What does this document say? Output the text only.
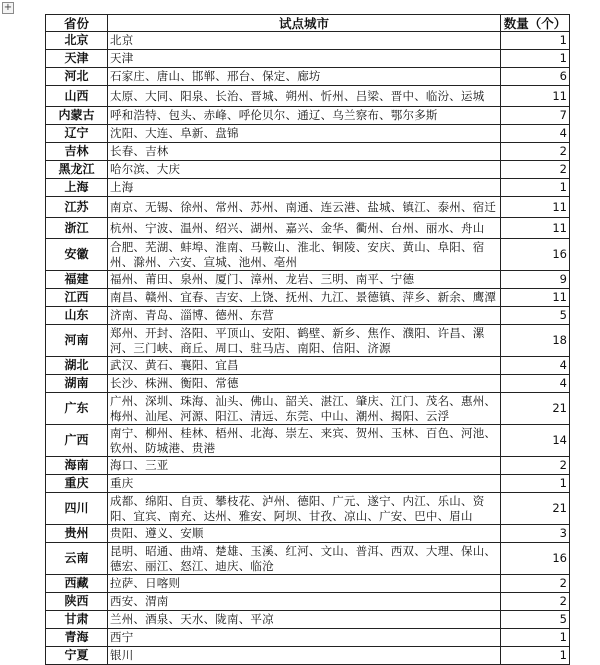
+
省份	试点城市	数量（个）
北京	北京	1
天津	天津	1
河北	石家庄、唐山、邯郸、邢台、保定、廊坊	6
山西	太原、大同、阳泉、长治、晋城、朔州、忻州、吕梁、晋中、临汾、运城	11
内蒙古	呼和浩特、包头、赤峰、呼伦贝尔、通辽、乌兰察布、鄂尔多斯	7
辽宁	沈阳、大连、阜新、盘锦	4
吉林	长春、吉林	2
黑龙江	哈尔滨、大庆	2
上海	上海	1
江苏	南京、无锡、徐州、常州、苏州、南通、连云港、盐城、镇江、泰州、宿迁	11
浙江	杭州、宁波、温州、绍兴、湖州、嘉兴、金华、衢州、台州、丽水、舟山	11
安徽	合肥、芜湖、蚌埠、淮南、马鞍山、淮北、铜陵、安庆、黄山、阜阳、宿州、滁州、六安、宣城、池州、亳州	16
福建	福州、莆田、泉州、厦门、漳州、龙岩、三明、南平、宁德	9
江西	南昌、赣州、宜春、吉安、上饶、抚州、九江、景德镇、萍乡、新余、鹰潭	11
山东	济南、青岛、淄博、德州、东营	5
河南	郑州、开封、洛阳、平顶山、安阳、鹤壁、新乡、焦作、濮阳、许昌、漯河、三门峡、商丘、周口、驻马店、南阳、信阳、济源	18
湖北	武汉、黄石、襄阳、宜昌	4
湖南	长沙、株洲、衡阳、常德	4
广东	广州、深圳、珠海、汕头、佛山、韶关、湛江、肇庆、江门、茂名、惠州、梅州、汕尾、河源、阳江、清远、东莞、中山、潮州、揭阳、云浮	21
广西	南宁、柳州、桂林、梧州、北海、崇左、来宾、贺州、玉林、百色、河池、钦州、防城港、贵港	14
海南	海口、三亚	2
重庆	重庆	1
四川	成都、绵阳、自贡、攀枝花、泸州、德阳、广元、遂宁、内江、乐山、资阳、宜宾、南充、达州、雅安、阿坝、甘孜、凉山、广安、巴中、眉山	21
贵州	贵阳、遵义、安顺	3
云南	昆明、昭通、曲靖、楚雄、玉溪、红河、文山、普洱、西双、大理、保山、德宏、丽江、怒江、迪庆、临沧	16
西藏	拉萨、日喀则	2
陕西	西安、渭南	2
甘肃	兰州、酒泉、天水、陇南、平凉	5
青海	西宁	1
宁夏	银川	1
